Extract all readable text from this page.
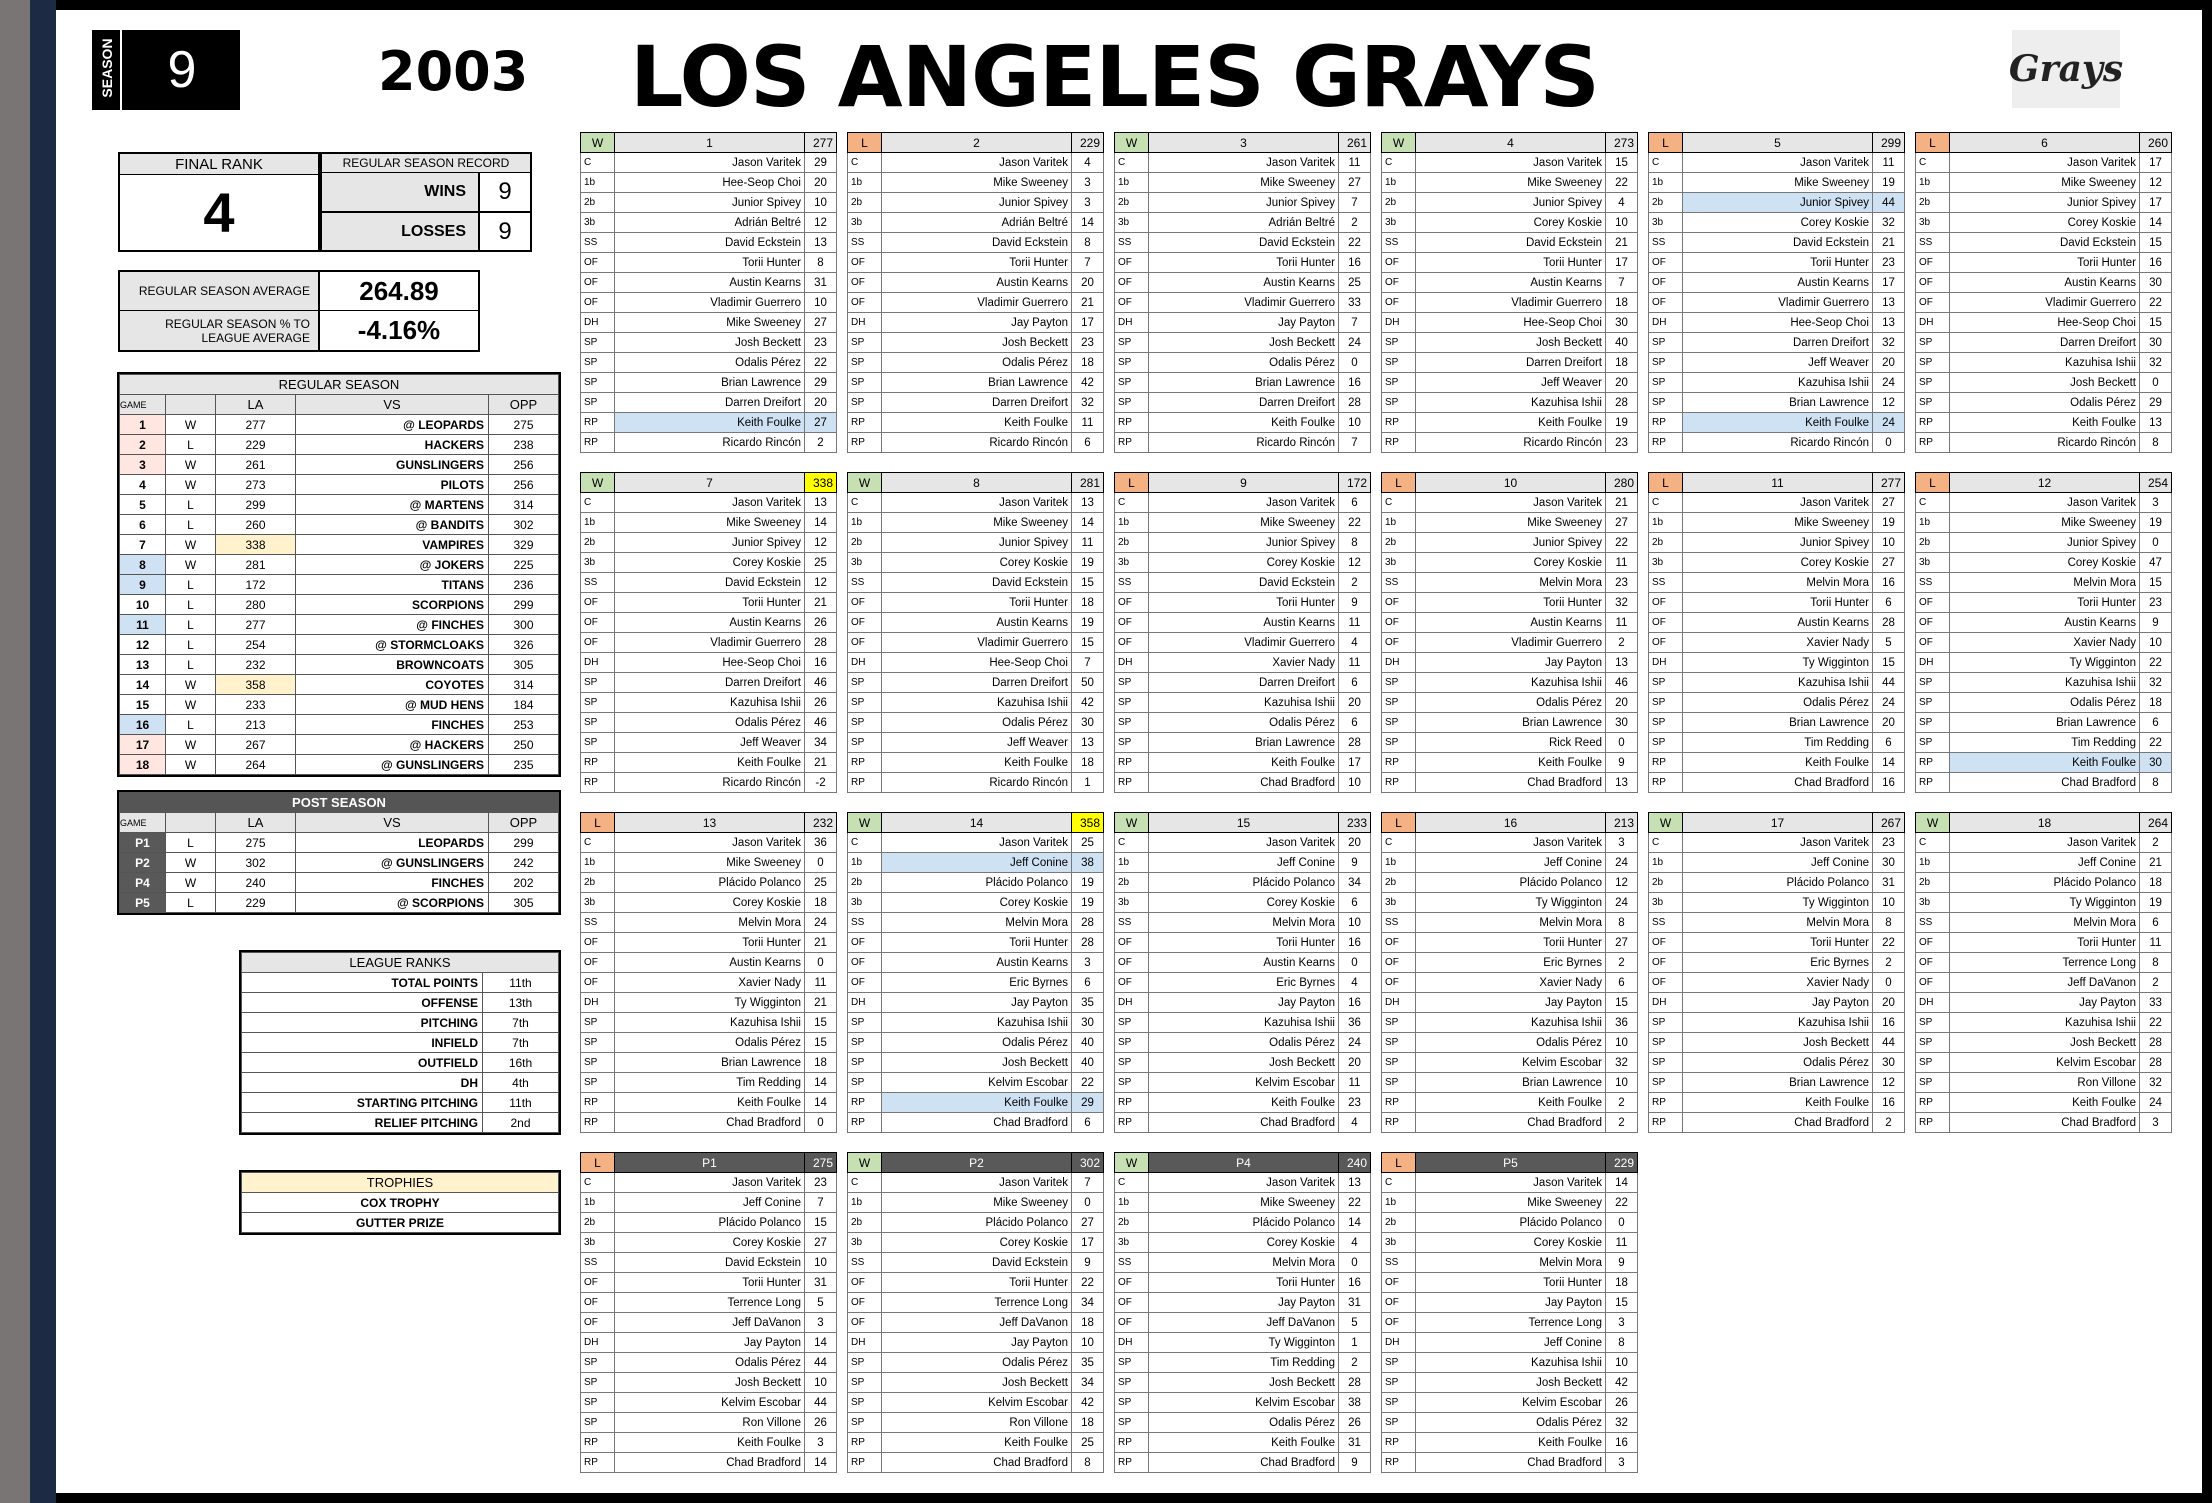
SEASON	9	2003 LOS ANGELES GRAYS	Grays
FINAL RANK
4
REGULAR SEASON RECORD
WINS	9
LOSSES	9
REGULAR SEASON AVERAGE	264.89
REGULAR SEASON % TO LEAGUE AVERAGE	-4.16%
REGULAR SEASON				
GAME		LA	VS	OPP
1	W	277	@ LEOPARDS	275
2	L	229	HACKERS	238
3	W	261	GUNSLINGERS	256
4	W	273	PILOTS	256
5	L	299	@ MARTENS	314
6	L	260	@ BANDITS	302
7	W	338	VAMPIRES	329
8	W	281	@ JOKERS	225
9	L	172	TITANS	236
10	L	280	SCORPIONS	299
11	L	277	@ FINCHES	300
12	L	254	@ STORMCLOAKS	326
13	L	232	BROWNCOATS	305
14	W	358	COYOTES	314
15	W	233	@ MUD HENS	184
16	L	213	FINCHES	253
17	W	267	@ HACKERS	250
18	W	264	@ GUNSLINGERS	235
POST SEASON				
GAME		LA	VS	OPP
P1	L	275	LEOPARDS	299
P2	W	302	@ GUNSLINGERS	242
P4	W	240	FINCHES	202
P5	L	229	@ SCORPIONS	305
LEAGUE RANKS	
TOTAL POINTS	11th
OFFENSE	13th
PITCHING	7th
INFIELD	7th
OUTFIELD	16th
DH	4th
STARTING PITCHING	11th
RELIEF PITCHING	2nd
TROPHIES
COX TROPHY
GUTTER PRIZE
W	1	277
C	Jason Varitek	29
1b	Hee-Seop Choi	20
2b	Junior Spivey	10
3b	Adrián Beltré	12
SS	David Eckstein	13
OF	Torii Hunter	8
OF	Austin Kearns	31
OF	Vladimir Guerrero	10
DH	Mike Sweeney	27
SP	Josh Beckett	23
SP	Odalis Pérez	22
SP	Brian Lawrence	29
SP	Darren Dreifort	20
RP	Keith Foulke	27
RP	Ricardo Rincón	2
L	2	229
C	Jason Varitek	4
1b	Mike Sweeney	3
2b	Junior Spivey	3
3b	Adrián Beltré	14
SS	David Eckstein	8
OF	Torii Hunter	7
OF	Austin Kearns	20
OF	Vladimir Guerrero	21
DH	Jay Payton	17
SP	Josh Beckett	23
SP	Odalis Pérez	18
SP	Brian Lawrence	42
SP	Darren Dreifort	32
RP	Keith Foulke	11
RP	Ricardo Rincón	6
W	3	261
C	Jason Varitek	11
1b	Mike Sweeney	27
2b	Junior Spivey	7
3b	Adrián Beltré	2
SS	David Eckstein	22
OF	Torii Hunter	16
OF	Austin Kearns	25
OF	Vladimir Guerrero	33
DH	Jay Payton	7
SP	Josh Beckett	24
SP	Odalis Pérez	0
SP	Brian Lawrence	16
SP	Darren Dreifort	28
RP	Keith Foulke	10
RP	Ricardo Rincón	7
W	4	273
C	Jason Varitek	15
1b	Mike Sweeney	22
2b	Junior Spivey	4
3b	Corey Koskie	10
SS	David Eckstein	21
OF	Torii Hunter	17
OF	Austin Kearns	7
OF	Vladimir Guerrero	18
DH	Hee-Seop Choi	30
SP	Josh Beckett	40
SP	Darren Dreifort	18
SP	Jeff Weaver	20
SP	Kazuhisa Ishii	28
RP	Keith Foulke	19
RP	Ricardo Rincón	23
L	5	299
C	Jason Varitek	11
1b	Mike Sweeney	19
2b	Junior Spivey	44
3b	Corey Koskie	32
SS	David Eckstein	21
OF	Torii Hunter	23
OF	Austin Kearns	17
OF	Vladimir Guerrero	13
DH	Hee-Seop Choi	13
SP	Darren Dreifort	32
SP	Jeff Weaver	20
SP	Kazuhisa Ishii	24
SP	Brian Lawrence	12
RP	Keith Foulke	24
RP	Ricardo Rincón	0
L	6	260
C	Jason Varitek	17
1b	Mike Sweeney	12
2b	Junior Spivey	17
3b	Corey Koskie	14
SS	David Eckstein	15
OF	Torii Hunter	16
OF	Austin Kearns	30
OF	Vladimir Guerrero	22
DH	Hee-Seop Choi	15
SP	Darren Dreifort	30
SP	Kazuhisa Ishii	32
SP	Josh Beckett	0
SP	Odalis Pérez	29
RP	Keith Foulke	13
RP	Ricardo Rincón	8
W	7	338
C	Jason Varitek	13
1b	Mike Sweeney	14
2b	Junior Spivey	12
3b	Corey Koskie	25
SS	David Eckstein	12
OF	Torii Hunter	21
OF	Austin Kearns	26
OF	Vladimir Guerrero	28
DH	Hee-Seop Choi	16
SP	Darren Dreifort	46
SP	Kazuhisa Ishii	26
SP	Odalis Pérez	46
SP	Jeff Weaver	34
RP	Keith Foulke	21
RP	Ricardo Rincón	-2
W	8	281
C	Jason Varitek	13
1b	Mike Sweeney	14
2b	Junior Spivey	11
3b	Corey Koskie	19
SS	David Eckstein	15
OF	Torii Hunter	18
OF	Austin Kearns	19
OF	Vladimir Guerrero	15
DH	Hee-Seop Choi	7
SP	Darren Dreifort	50
SP	Kazuhisa Ishii	42
SP	Odalis Pérez	30
SP	Jeff Weaver	13
RP	Keith Foulke	18
RP	Ricardo Rincón	1
L	9	172
C	Jason Varitek	6
1b	Mike Sweeney	22
2b	Junior Spivey	8
3b	Corey Koskie	12
SS	David Eckstein	2
OF	Torii Hunter	9
OF	Austin Kearns	11
OF	Vladimir Guerrero	4
DH	Xavier Nady	11
SP	Darren Dreifort	6
SP	Kazuhisa Ishii	20
SP	Odalis Pérez	6
SP	Brian Lawrence	28
RP	Keith Foulke	17
RP	Chad Bradford	10
L	10	280
C	Jason Varitek	21
1b	Mike Sweeney	27
2b	Junior Spivey	22
3b	Corey Koskie	11
SS	Melvin Mora	23
OF	Torii Hunter	32
OF	Austin Kearns	11
OF	Vladimir Guerrero	2
DH	Jay Payton	13
SP	Kazuhisa Ishii	46
SP	Odalis Pérez	20
SP	Brian Lawrence	30
SP	Rick Reed	0
RP	Keith Foulke	9
RP	Chad Bradford	13
L	11	277
C	Jason Varitek	27
1b	Mike Sweeney	19
2b	Junior Spivey	10
3b	Corey Koskie	27
SS	Melvin Mora	16
OF	Torii Hunter	6
OF	Austin Kearns	28
OF	Xavier Nady	5
DH	Ty Wigginton	15
SP	Kazuhisa Ishii	44
SP	Odalis Pérez	24
SP	Brian Lawrence	20
SP	Tim Redding	6
RP	Keith Foulke	14
RP	Chad Bradford	16
L	12	254
C	Jason Varitek	3
1b	Mike Sweeney	19
2b	Junior Spivey	0
3b	Corey Koskie	47
SS	Melvin Mora	15
OF	Torii Hunter	23
OF	Austin Kearns	9
OF	Xavier Nady	10
DH	Ty Wigginton	22
SP	Kazuhisa Ishii	32
SP	Odalis Pérez	18
SP	Brian Lawrence	6
SP	Tim Redding	22
RP	Keith Foulke	30
RP	Chad Bradford	8
L	13	232
C	Jason Varitek	36
1b	Mike Sweeney	0
2b	Plácido Polanco	25
3b	Corey Koskie	18
SS	Melvin Mora	24
OF	Torii Hunter	21
OF	Austin Kearns	0
OF	Xavier Nady	11
DH	Ty Wigginton	21
SP	Kazuhisa Ishii	15
SP	Odalis Pérez	15
SP	Brian Lawrence	18
SP	Tim Redding	14
RP	Keith Foulke	14
RP	Chad Bradford	0
W	14	358
C	Jason Varitek	25
1b	Jeff Conine	38
2b	Plácido Polanco	19
3b	Corey Koskie	19
SS	Melvin Mora	28
OF	Torii Hunter	28
OF	Austin Kearns	3
OF	Eric Byrnes	6
DH	Jay Payton	35
SP	Kazuhisa Ishii	30
SP	Odalis Pérez	40
SP	Josh Beckett	40
SP	Kelvim Escobar	22
RP	Keith Foulke	29
RP	Chad Bradford	6
W	15	233
C	Jason Varitek	20
1b	Jeff Conine	9
2b	Plácido Polanco	34
3b	Corey Koskie	6
SS	Melvin Mora	10
OF	Torii Hunter	16
OF	Austin Kearns	0
OF	Eric Byrnes	4
DH	Jay Payton	16
SP	Kazuhisa Ishii	36
SP	Odalis Pérez	24
SP	Josh Beckett	20
SP	Kelvim Escobar	11
RP	Keith Foulke	23
RP	Chad Bradford	4
L	16	213
C	Jason Varitek	3
1b	Jeff Conine	24
2b	Plácido Polanco	12
3b	Ty Wigginton	24
SS	Melvin Mora	8
OF	Torii Hunter	27
OF	Eric Byrnes	2
OF	Xavier Nady	6
DH	Jay Payton	15
SP	Kazuhisa Ishii	36
SP	Odalis Pérez	10
SP	Kelvim Escobar	32
SP	Brian Lawrence	10
RP	Keith Foulke	2
RP	Chad Bradford	2
W	17	267
C	Jason Varitek	23
1b	Jeff Conine	30
2b	Plácido Polanco	31
3b	Ty Wigginton	10
SS	Melvin Mora	8
OF	Torii Hunter	22
OF	Eric Byrnes	2
OF	Xavier Nady	0
DH	Jay Payton	20
SP	Kazuhisa Ishii	16
SP	Josh Beckett	44
SP	Odalis Pérez	30
SP	Brian Lawrence	12
RP	Keith Foulke	16
RP	Chad Bradford	2
W	18	264
C	Jason Varitek	2
1b	Jeff Conine	21
2b	Plácido Polanco	18
3b	Ty Wigginton	19
SS	Melvin Mora	6
OF	Torii Hunter	11
OF	Terrence Long	8
OF	Jeff DaVanon	2
DH	Jay Payton	33
SP	Kazuhisa Ishii	22
SP	Josh Beckett	28
SP	Kelvim Escobar	28
SP	Ron Villone	32
RP	Keith Foulke	24
RP	Chad Bradford	3
L	P1	275
C	Jason Varitek	23
1b	Jeff Conine	7
2b	Plácido Polanco	15
3b	Corey Koskie	27
SS	David Eckstein	10
OF	Torii Hunter	31
OF	Terrence Long	5
OF	Jeff DaVanon	3
DH	Jay Payton	14
SP	Odalis Pérez	44
SP	Josh Beckett	10
SP	Kelvim Escobar	44
SP	Ron Villone	26
RP	Keith Foulke	3
RP	Chad Bradford	14
W	P2	302
C	Jason Varitek	7
1b	Mike Sweeney	0
2b	Plácido Polanco	27
3b	Corey Koskie	17
SS	David Eckstein	9
OF	Torii Hunter	22
OF	Terrence Long	34
OF	Jeff DaVanon	18
DH	Jay Payton	10
SP	Odalis Pérez	35
SP	Josh Beckett	34
SP	Kelvim Escobar	42
SP	Ron Villone	18
RP	Keith Foulke	25
RP	Chad Bradford	8
W	P4	240
C	Jason Varitek	13
1b	Mike Sweeney	22
2b	Plácido Polanco	14
3b	Corey Koskie	4
SS	Melvin Mora	0
OF	Torii Hunter	16
OF	Jay Payton	31
OF	Jeff DaVanon	5
DH	Ty Wigginton	1
SP	Tim Redding	2
SP	Josh Beckett	28
SP	Kelvim Escobar	38
SP	Odalis Pérez	26
RP	Keith Foulke	31
RP	Chad Bradford	9
L	P5	229
C	Jason Varitek	14
1b	Mike Sweeney	22
2b	Plácido Polanco	0
3b	Corey Koskie	11
SS	Melvin Mora	9
OF	Torii Hunter	18
OF	Jay Payton	15
OF	Terrence Long	3
DH	Jeff Conine	8
SP	Kazuhisa Ishii	10
SP	Josh Beckett	42
SP	Kelvim Escobar	26
SP	Odalis Pérez	32
RP	Keith Foulke	16
RP	Chad Bradford	3
